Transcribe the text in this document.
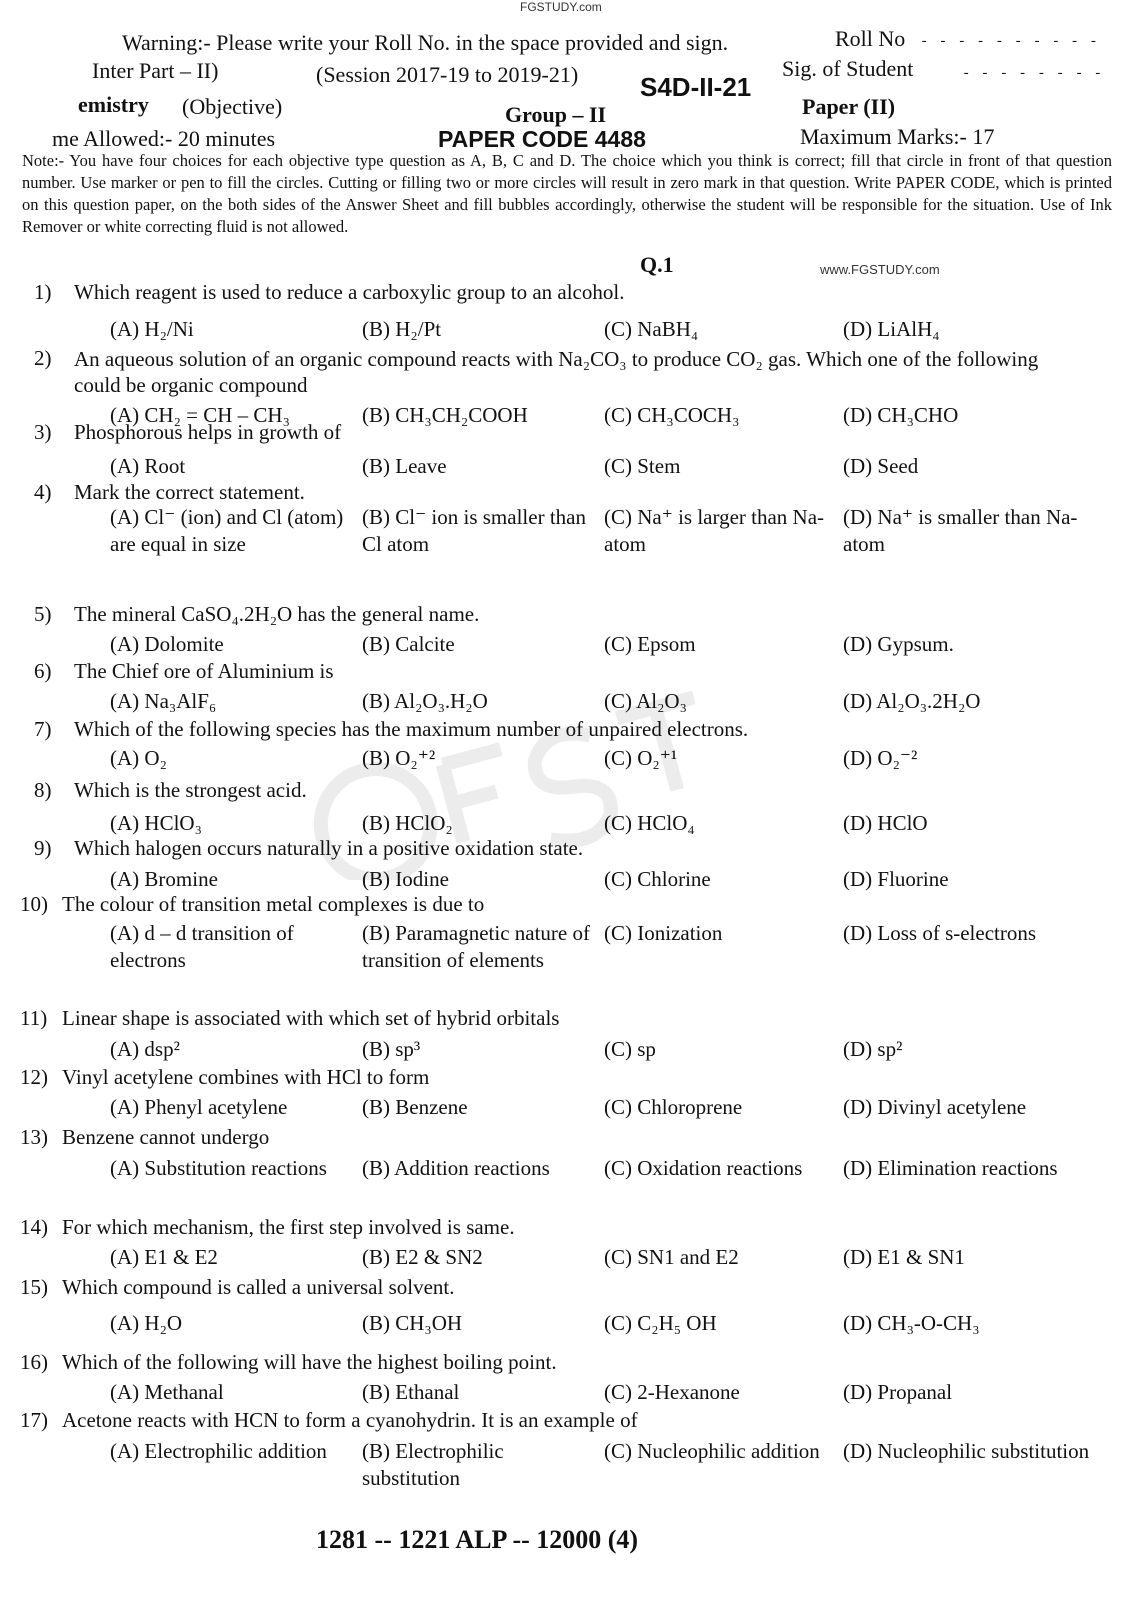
FGSTUDY.com
Warning:- Please write your Roll No. in the space provided and sign.	Roll No - - - - - - - - - -
Inter Part – II)	(Session 2017-19 to 2019-21) S4D-II-21
Sig. of Student	- - - - - - - -
emistry (Objective)	Group – II	Paper (II)
me Allowed:- 20 minutes	PAPER CODE 4488	Maximum Marks:- 17
Note:- You have four choices for each objective type question as A, B, C and D. The choice which you think is correct; fill that circle in front of that question number. Use marker or pen to fill the circles. Cutting or filling two or more circles will result in zero mark in that question. Write PAPER CODE, which is printed on this question paper, on the both sides of the Answer Sheet and fill bubbles accordingly, otherwise the student will be responsible for the situation. Use of Ink Remover or white correcting fluid is not allowed.
Q.1	www.FGSTUDY.com
1) Which reagent is used to reduce a carboxylic group to an alcohol.
(A) H₂/Ni	(B) H₂/Pt	(C) NaBH₄	(D) LiAlH₄
2) An aqueous solution of an organic compound reacts with Na₂CO₃ to produce CO₂ gas. Which one of the following could be organic compound
(A) CH₂ = CH – CH₃	(B) CH₃CH₂COOH	(C) CH₃COCH₃	(D) CH₃CHO
3) Phosphorous helps in growth of
(A) Root	(B) Leave	(C) Stem	(D) Seed
4) Mark the correct statement.
(A) Cl⁻ (ion) and Cl (atom) are equal in size
(B) Cl⁻ ion is smaller than Cl atom
(C) Na⁺ is larger than Na-atom
(D) Na⁺ is smaller than Na-atom
5) The mineral CaSO₄.2H₂O has the general name.
(A) Dolomite	(B) Calcite	(C) Epsom	(D) Gypsum.
6) The Chief ore of Aluminium is
(A) Na₃AlF₆	(B) Al₂O₃.H₂O	(C) Al₂O₃	(D) Al₂O₃.2H₂O
7) Which of the following species has the maximum number of unpaired electrons.
(A) O₂	(B) O₂⁺²	(C) O₂⁺¹	(D) O₂⁻²
8) Which is the strongest acid.
(A) HClO₃	(B) HClO₂	(C) HClO₄	(D) HClO
9) Which halogen occurs naturally in a positive oxidation state.
(A) Bromine	(B) Iodine	(C) Chlorine	(D) Fluorine
10) The colour of transition metal complexes is due to
(A) d – d transition of electrons
(B) Paramagnetic nature of transition of elements
(C) Ionization	(D) Loss of s-electrons
11) Linear shape is associated with which set of hybrid orbitals
(A) dsp²	(B) sp³	(C) sp	(D) sp²
12) Vinyl acetylene combines with HCl to form
(A) Phenyl acetylene	(B) Benzene	(C) Chloroprene	(D) Divinyl acetylene
13) Benzene cannot undergo
(A) Substitution reactions	(B) Addition reactions	(C) Oxidation reactions	(D) Elimination reactions
14) For which mechanism, the first step involved is same.
(A) E1 & E2	(B) E2 & SN2	(C) SN1 and E2	(D) E1 & SN1
15) Which compound is called a universal solvent.
(A) H₂O	(B) CH₃OH	(C) C₂H₅ OH	(D) CH₃-O-CH₃
16) Which of the following will have the highest boiling point.
(A) Methanal	(B) Ethanal	(C) 2-Hexanone	(D) Propanal
17) Acetone reacts with HCN to form a cyanohydrin. It is an example of
(A) Electrophilic addition	(B) Electrophilic substitution
(C) Nucleophilic addition	(D) Nucleophilic substitution
1281 -- 1221 ALP -- 12000 (4)
